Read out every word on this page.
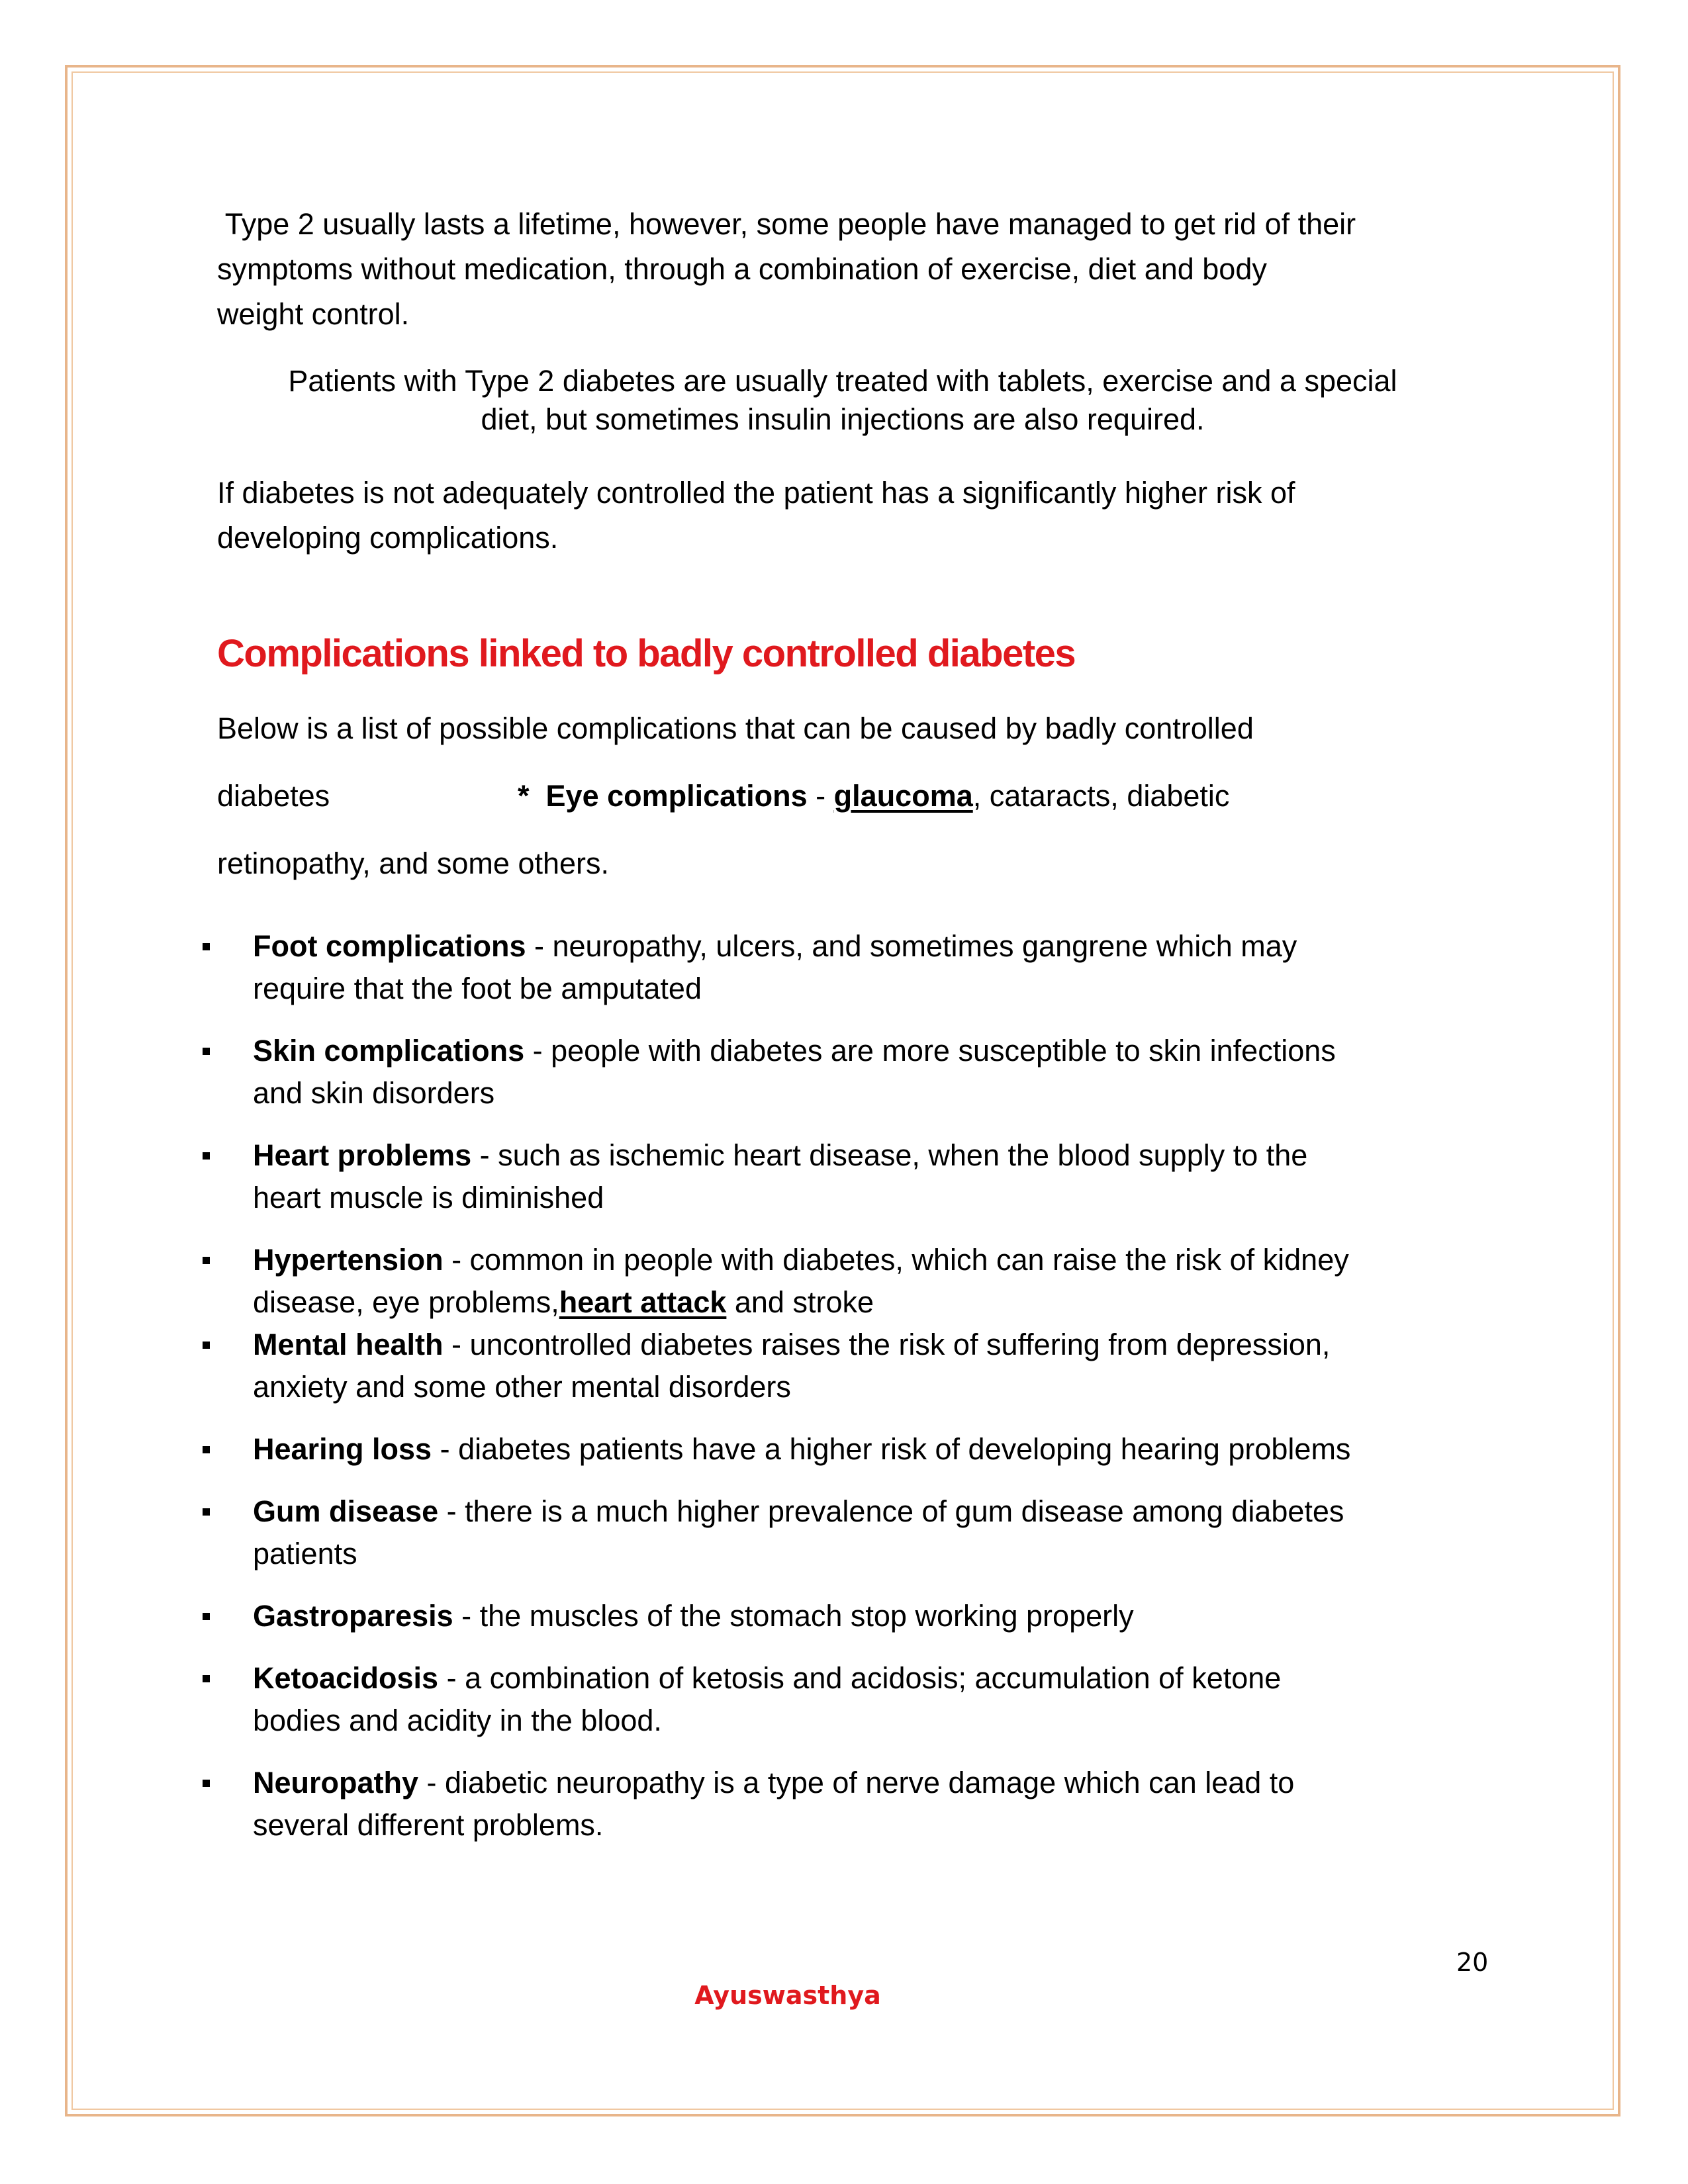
Type 2 usually lasts a lifetime, however, some people have managed to get rid of their

symptoms without medication, through a combination of exercise, diet and body

weight control.

Patients with Type 2 diabetes are usually treated with tablets, exercise and a special

diet, but sometimes insulin injections are also required.

If diabetes is not adequately controlled the patient has a significantly higher risk of

developing complications.

Complications linked to badly controlled diabetes

Below is a list of possible complications that can be caused by badly controlled

diabetes	* Eye complications - glaucoma, cataracts, diabetic

retinopathy, and some others.

Foot complications - neuropathy, ulcers, and sometimes gangrene which may
require that the foot be amputated
Skin complications - people with diabetes are more susceptible to skin infections
and skin disorders
Heart problems - such as ischemic heart disease, when the blood supply to the
heart muscle is diminished
Hypertension - common in people with diabetes, which can raise the risk of kidney
disease, eye problems,heart attack and stroke
Mental health - uncontrolled diabetes raises the risk of suffering from depression,
anxiety and some other mental disorders
Hearing loss - diabetes patients have a higher risk of developing hearing problems
Gum disease - there is a much higher prevalence of gum disease among diabetes
patients
Gastroparesis - the muscles of the stomach stop working properly
Ketoacidosis - a combination of ketosis and acidosis; accumulation of ketone
bodies and acidity in the blood.
Neuropathy - diabetic neuropathy is a type of nerve damage which can lead to
several different problems.
20
Ayuswasthya
